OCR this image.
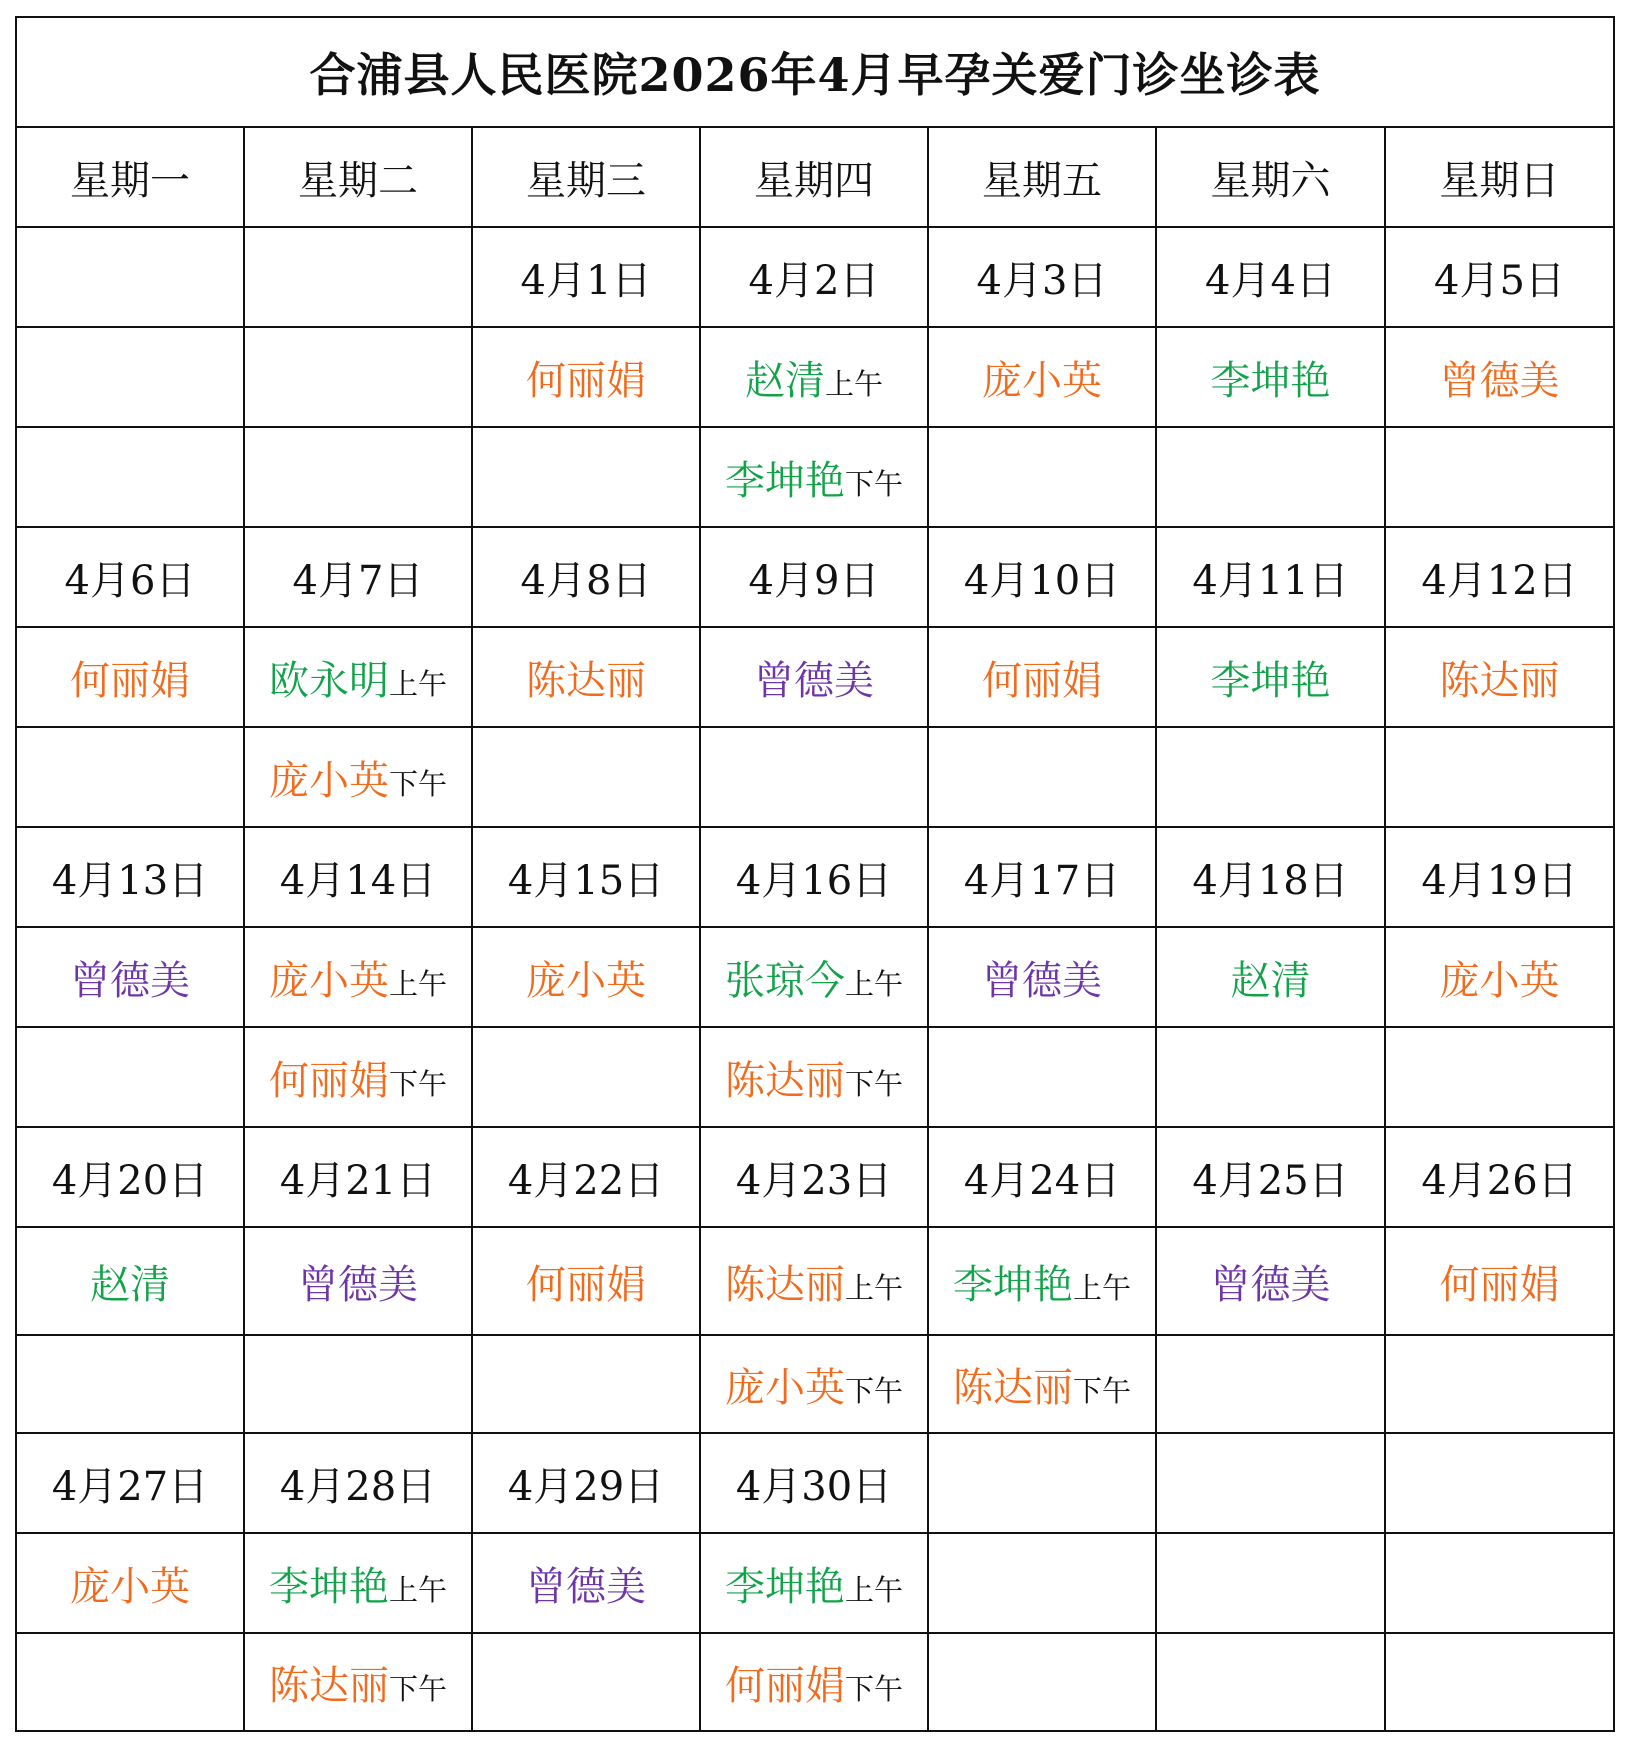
合浦县人民医院2026年4月早孕关爱门诊坐诊表						
星期一	星期二	星期三	星期四	星期五	星期六	星期日
		4月1日	4月2日	4月3日	4月4日	4月5日
		何丽娟	赵清上午	庞小英	李坤艳	曾德美
			李坤艳下午			
4月6日	4月7日	4月8日	4月9日	4月10日	4月11日	4月12日
何丽娟	欧永明上午	陈达丽	曾德美	何丽娟	李坤艳	陈达丽
	庞小英下午					
4月13日	4月14日	4月15日	4月16日	4月17日	4月18日	4月19日
曾德美	庞小英上午	庞小英	张琼今上午	曾德美	赵清	庞小英
	何丽娟下午		陈达丽下午			
4月20日	4月21日	4月22日	4月23日	4月24日	4月25日	4月26日
赵清	曾德美	何丽娟	陈达丽上午	李坤艳上午	曾德美	何丽娟
			庞小英下午	陈达丽下午		
4月27日	4月28日	4月29日	4月30日			
庞小英	李坤艳上午	曾德美	李坤艳上午			
	陈达丽下午		何丽娟下午			
